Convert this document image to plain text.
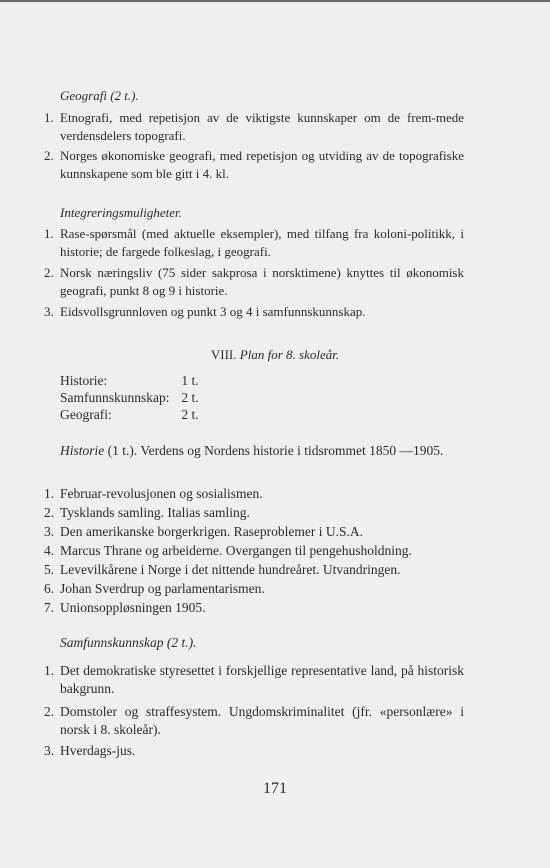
Geografi (2 t.).
1. Etnografi, med repetisjon av de viktigste kunnskaper om de frem-mede verdensdelers topografi.
2. Norges økonomiske geografi, med repetisjon og utviding av de topografiske kunnskapene som ble gitt i 4. kl.
Integreringsmuligheter.
1. Rase-spørsmål (med aktuelle eksempler), med tilfang fra koloni-politikk, i historie; de fargede folkeslag, i geografi.
2. Norsk næringsliv (75 sider sakprosa i norsktimene) knyttes til økonomisk geografi, punkt 8 og 9 i historie.
3. Eidsvollsgrunnloven og punkt 3 og 4 i samfunnskunnskap.
VIII. Plan for 8. skoleår.
Historie:	1 t.
Samfunnskunnskap: 2 t.
Geografi:	2 t.
Historie (1 t.). Verdens og Nordens historie i tidsrommet 1850 —1905.
1. Februar-revolusjonen og sosialismen.
2. Tysklands samling. Italias samling.
3. Den amerikanske borgerkrigen. Raseproblemer i U.S.A.
4. Marcus Thrane og arbeiderne. Overgangen til pengehusholdning.
5. Levevilkårene i Norge i det nittende hundreåret. Utvandringen.
6. Johan Sverdrup og parlamentarismen.
7. Unionsoppløsningen 1905.
Samfunnskunnskap (2 t.).
1. Det demokratiske styresettet i forskjellige representative land, på historisk bakgrunn.
2. Domstoler og straffesystem. Ungdomskriminalitet (jfr. «personlære» i norsk i 8. skoleår).
3. Hverdags-jus.
171
